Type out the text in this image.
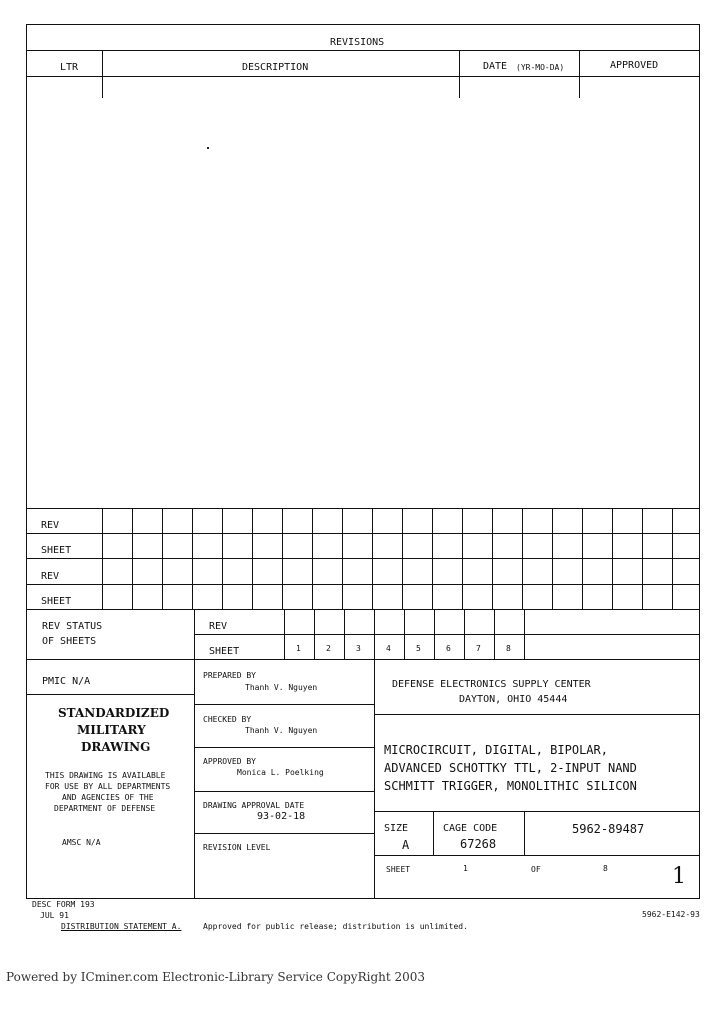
REVISIONS
LTR	DESCRIPTION	DATE (YR-MO-DA)	APPROVED
REV
SHEET
REV
SHEET
REV STATUS
OF SHEETS
REV
SHEET	1	2	3	4	5	6	7	8
PMIC N/A
STANDARDIZED
MILITARY
DRAWING
THIS DRAWING IS AVAILABLE
FOR USE BY ALL DEPARTMENTS
AND AGENCIES OF THE
DEPARTMENT OF DEFENSE
AMSC N/A
PREPARED BY
Thanh V. Nguyen
CHECKED BY
Thanh V. Nguyen
APPROVED BY
Monica L. Poelking
DRAWING APPROVAL DATE
93-02-18
REVISION LEVEL
DEFENSE ELECTRONICS SUPPLY CENTER
DAYTON, OHIO 45444
MICROCIRCUIT, DIGITAL, BIPOLAR,
ADVANCED SCHOTTKY TTL, 2-INPUT NAND
SCHMITT TRIGGER, MONOLITHIC SILICON
SIZE
A
CAGE CODE
67268
5962-89487
SHEET	1	OF	8	1
DESC FORM 193
JUL 91	5962-E142-93
DISTRIBUTION STATEMENT A.	Approved for public release; distribution is unlimited.
Powered by ICminer.com Electronic-Library Service CopyRight 2003
